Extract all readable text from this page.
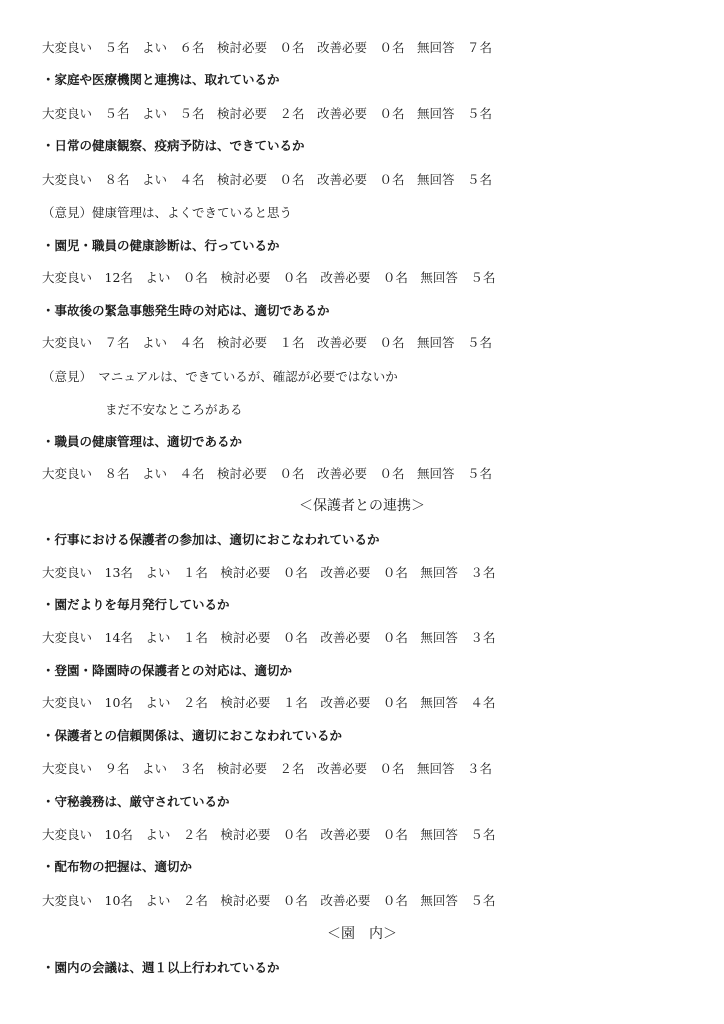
大変良い　５名　よい　６名　検討必要　０名　改善必要　０名　無回答　７名
・家庭や医療機関と連携は、取れているか
大変良い　５名　よい　５名　検討必要　２名　改善必要　０名　無回答　５名
・日常の健康観察、疫病予防は、できているか
大変良い　８名　よい　４名　検討必要　０名　改善必要　０名　無回答　５名
（意見）健康管理は、よくできていると思う
・園児・職員の健康診断は、行っているか
大変良い　12名　よい　０名　検討必要　０名　改善必要　０名　無回答　５名
・事故後の緊急事態発生時の対応は、適切であるか
大変良い　７名　よい　４名　検討必要　１名　改善必要　０名　無回答　５名
（意見）　マニュアルは、できているが、確認が必要ではないか
まだ不安なところがある
・職員の健康管理は、適切であるか
大変良い　８名　よい　４名　検討必要　０名　改善必要　０名　無回答　５名
＜保護者との連携＞
・行事における保護者の参加は、適切におこなわれているか
大変良い　13名　よい　１名　検討必要　０名　改善必要　０名　無回答　３名
・園だよりを毎月発行しているか
大変良い　14名　よい　１名　検討必要　０名　改善必要　０名　無回答　３名
・登園・降園時の保護者との対応は、適切か
大変良い　10名　よい　２名　検討必要　１名　改善必要　０名　無回答　４名
・保護者との信頼関係は、適切におこなわれているか
大変良い　９名　よい　３名　検討必要　２名　改善必要　０名　無回答　３名
・守秘義務は、厳守されているか
大変良い　10名　よい　２名　検討必要　０名　改善必要　０名　無回答　５名
・配布物の把握は、適切か
大変良い　10名　よい　２名　検討必要　０名　改善必要　０名　無回答　５名
＜園　内＞
・園内の会議は、週１以上行われているか
